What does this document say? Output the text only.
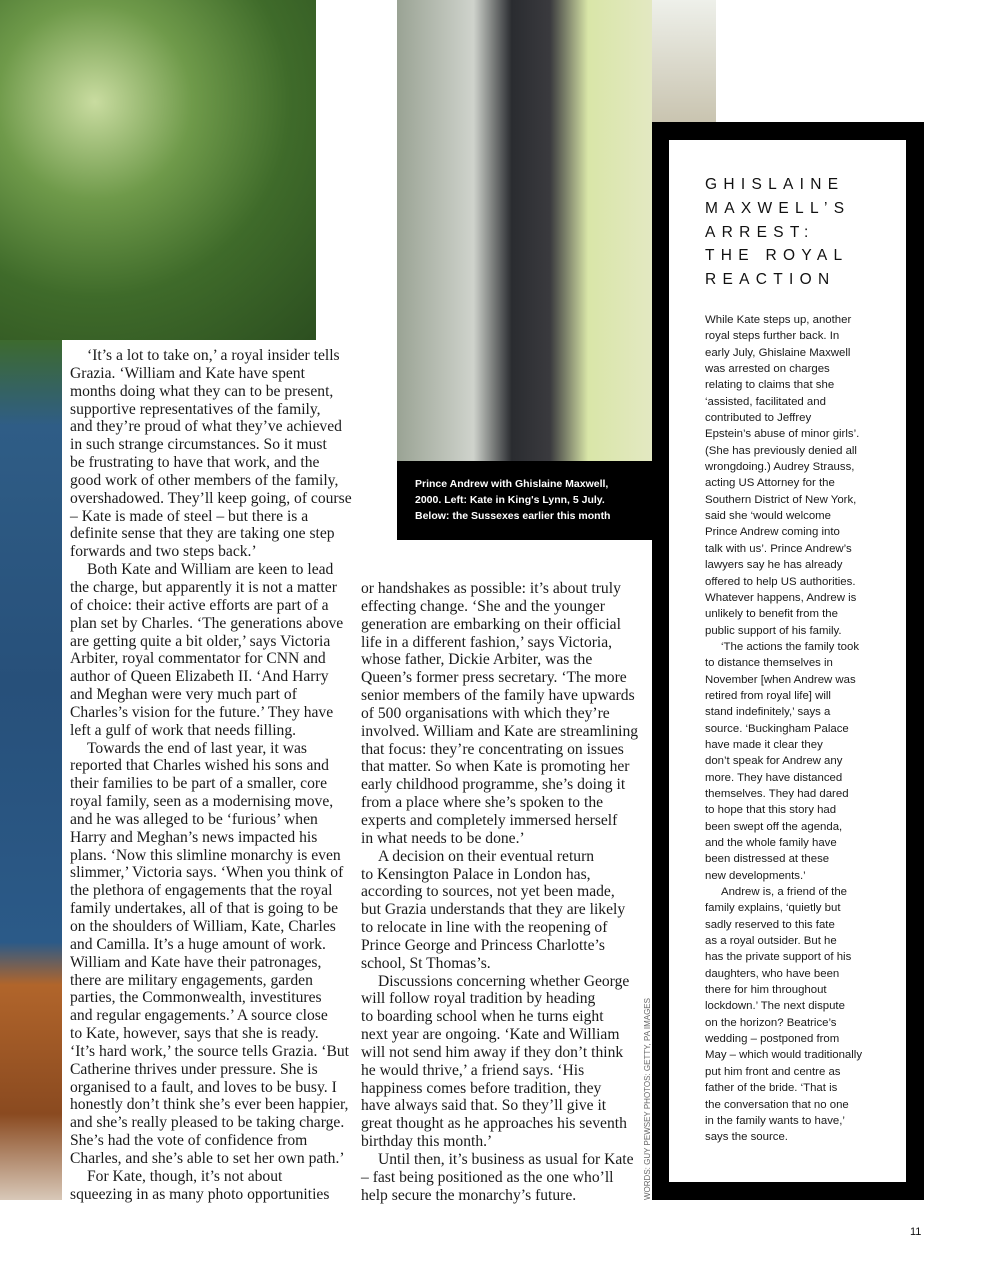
Prince Andrew with Ghislaine Maxwell,
2000. Left: Kate in King's Lynn, 5 July.
Below: the Sussexes earlier this month
‘It’s a lot to take on,’ a royal insider tells
Grazia. ‘William and Kate have spent
months doing what they can to be present,
supportive representatives of the family,
and they’re proud of what they’ve achieved
in such strange circumstances. So it must
be frustrating to have that work, and the
good work of other members of the family,
overshadowed. They’ll keep going, of course
– Kate is made of steel – but there is a
definite sense that they are taking one step
forwards and two steps back.’
Both Kate and William are keen to lead
the charge, but apparently it is not a matter
of choice: their active efforts are part of a
plan set by Charles. ‘The generations above
are getting quite a bit older,’ says Victoria
Arbiter, royal commentator for CNN and
author of Queen Elizabeth II. ‘And Harry
and Meghan were very much part of
Charles’s vision for the future.’ They have
left a gulf of work that needs filling.
Towards the end of last year, it was
reported that Charles wished his sons and
their families to be part of a smaller, core
royal family, seen as a modernising move,
and he was alleged to be ‘furious’ when
Harry and Meghan’s news impacted his
plans. ‘Now this slimline monarchy is even
slimmer,’ Victoria says. ‘When you think of
the plethora of engagements that the royal
family undertakes, all of that is going to be
on the shoulders of William, Kate, Charles
and Camilla. It’s a huge amount of work.
William and Kate have their patronages,
there are military engagements, garden
parties, the Commonwealth, investitures
and regular engagements.’ A source close
to Kate, however, says that she is ready.
‘It’s hard work,’ the source tells Grazia. ‘But
Catherine thrives under pressure. She is
organised to a fault, and loves to be busy. I
honestly don’t think she’s ever been happier,
and she’s really pleased to be taking charge.
She’s had the vote of confidence from
Charles, and she’s able to set her own path.’
For Kate, though, it’s not about
squeezing in as many photo opportunities
or handshakes as possible: it’s about truly
effecting change. ‘She and the younger
generation are embarking on their official
life in a different fashion,’ says Victoria,
whose father, Dickie Arbiter, was the
Queen’s former press secretary. ‘The more
senior members of the family have upwards
of 500 organisations with which they’re
involved. William and Kate are streamlining
that focus: they’re concentrating on issues
that matter. So when Kate is promoting her
early childhood programme, she’s doing it
from a place where she’s spoken to the
experts and completely immersed herself
in what needs to be done.’
A decision on their eventual return
to Kensington Palace in London has,
according to sources, not yet been made,
but Grazia understands that they are likely
to relocate in line with the reopening of
Prince George and Princess Charlotte’s
school, St Thomas’s.
Discussions concerning whether George
will follow royal tradition by heading
to boarding school when he turns eight
next year are ongoing. ‘Kate and William
will not send him away if they don’t think
he would thrive,’ a friend says. ‘His
happiness comes before tradition, they
have always said that. So they’ll give it
great thought as he approaches his seventh
birthday this month.’
Until then, it’s business as usual for Kate
– fast being positioned as the one who’ll
help secure the monarchy’s future.
GHISLAINE
MAXWELL’S
ARREST:
THE ROYAL
REACTION
While Kate steps up, another
royal steps further back. In
early July, Ghislaine Maxwell
was arrested on charges
relating to claims that she
‘assisted, facilitated and
contributed to Jeffrey
Epstein’s abuse of minor girls’.
(She has previously denied all
wrongdoing.) Audrey Strauss,
acting US Attorney for the
Southern District of New York,
said she ‘would welcome
Prince Andrew coming into
talk with us’. Prince Andrew’s
lawyers say he has already
offered to help US authorities.
Whatever happens, Andrew is
unlikely to benefit from the
public support of his family.
‘The actions the family took
to distance themselves in
November [when Andrew was
retired from royal life] will
stand indefinitely,’ says a
source. ‘Buckingham Palace
have made it clear they
don’t speak for Andrew any
more. They have distanced
themselves. They had dared
to hope that this story had
been swept off the agenda,
and the whole family have
been distressed at these
new developments.’
Andrew is, a friend of the
family explains, ‘quietly but
sadly reserved to this fate
as a royal outsider. But he
has the private support of his
daughters, who have been
there for him throughout
lockdown.’ The next dispute
on the horizon? Beatrice’s
wedding – postponed from
May – which would traditionally
put him front and centre as
father of the bride. ‘That is
the conversation that no one
in the family wants to have,’
says the source.
WORDS: GUY PEWSEY PHOTOS: GETTY, PA IMAGES
11
